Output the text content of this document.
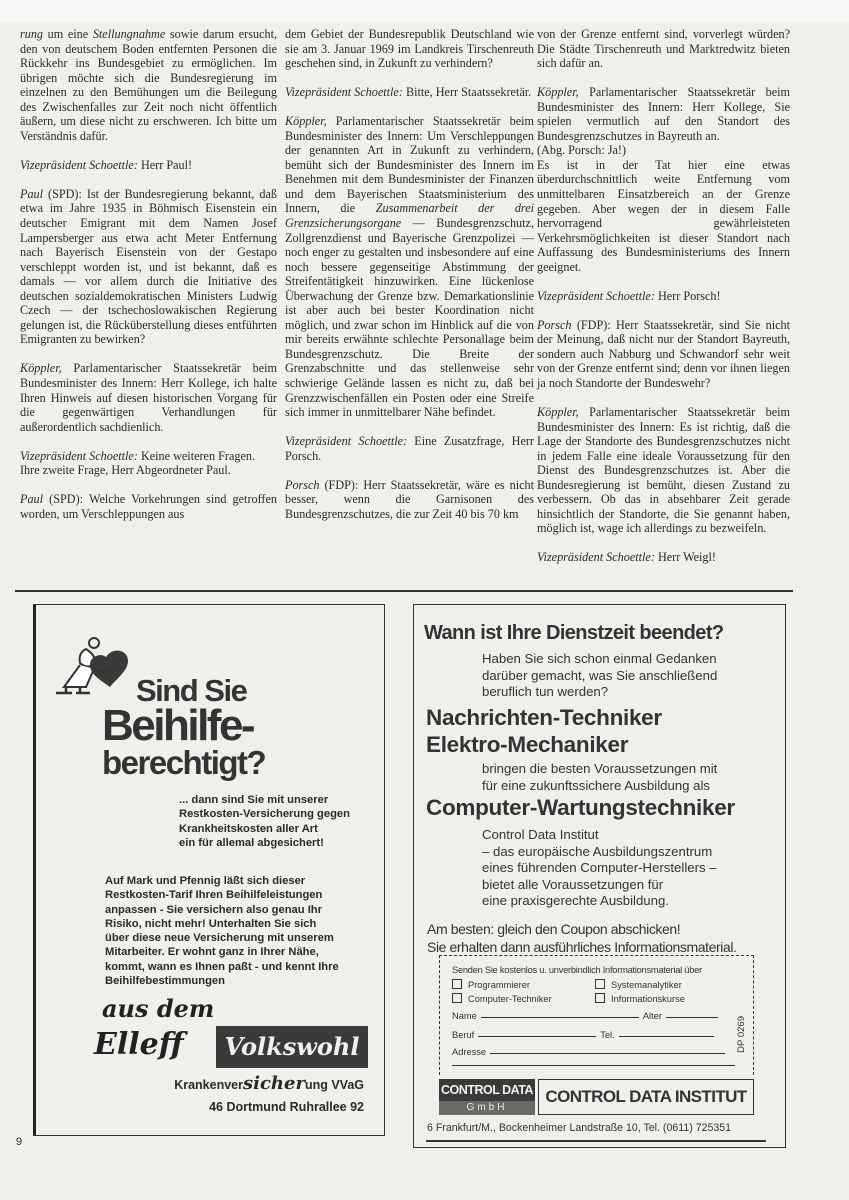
rung um eine Stellungnahme sowie darum ersucht, den von deutschem Boden entfernten Personen die Rückkehr ins Bundesgebiet zu ermöglichen. Im übrigen möchte sich die Bundesregierung im einzelnen zu den Bemühungen um die Beilegung des Zwischenfalles zur Zeit noch nicht öffentlich äußern, um diese nicht zu erschweren. Ich bitte um Verständnis dafür.

Vizepräsident Schoettle: Herr Paul!

Paul (SPD): Ist der Bundesregierung bekannt, daß etwa im Jahre 1935 in Böhmisch Eisenstein ein deutscher Emigrant mit dem Namen Josef Lampersberger aus etwa acht Meter Entfernung nach Bayerisch Eisenstein von der Gestapo verschleppt worden ist, und ist bekannt, daß es damals — vor allem durch die Initiative des deutschen sozialdemokratischen Ministers Ludwig Czech — der tschechoslowakischen Regierung gelungen ist, die Rücküberstellung dieses entführten Emigranten zu bewirken?

Köppler, Parlamentarischer Staatssekretär beim Bundesminister des Innern: Herr Kollege, ich halte Ihren Hinweis auf diesen historischen Vorgang für die gegenwärtigen Verhandlungen für außerordentlich sachdienlich.

Vizepräsident Schoettle: Keine weiteren Fragen.
Ihre zweite Frage, Herr Abgeordneter Paul.

Paul (SPD): Welche Vorkehrungen sind getroffen worden, um Verschleppungen aus

dem Gebiet der Bundesrepublik Deutschland wie sie am 3. Januar 1969 im Landkreis Tirschenreuth geschehen sind, in Zukunft zu verhindern?

Vizepräsident Schoettle: Bitte, Herr Staatssekretär.

Köppler, Parlamentarischer Staatssekretär beim Bundesminister des Innern: Um Verschleppungen der genannten Art in Zukunft zu verhindern, bemüht sich der Bundesminister des Innern im Benehmen mit dem Bundesminister der Finanzen und dem Bayerischen Staatsministerium des Innern, die Zusammenarbeit der drei Grenzsicherungsorgane — Bundesgrenzschutz, Zollgrenzdienst und Bayerische Grenzpolizei — noch enger zu gestalten und insbesondere auf eine noch bessere gegenseitige Abstimmung der Streifentätigkeit hinzuwirken. Eine lückenlose Überwachung der Grenze bzw. Demarkationslinie ist aber auch bei bester Koordination nicht möglich, und zwar schon im Hinblick auf die von mir bereits erwähnte schlechte Personallage beim Bundesgrenzschutz. Die Breite der Grenzabschnitte und das stellenweise sehr schwierige Gelände lassen es nicht zu, daß bei Grenzzwischenfällen ein Posten oder eine Streife sich immer in unmittelbarer Nähe befindet.

Vizepräsident Schoettle: Eine Zusatzfrage, Herr Porsch.

Porsch (FDP): Herr Staatssekretär, wäre es nicht besser, wenn die Garnisonen des Bundesgrenzschutzes, die zur Zeit 40 bis 70 km

von der Grenze entfernt sind, vorverlegt würden? Die Städte Tirschenreuth und Marktredwitz bieten sich dafür an.

Köppler, Parlamentarischer Staatssekretär beim Bundesminister des Innern: Herr Kollege, Sie spielen vermutlich auf den Standort des Bundesgrenzschutzes in Bayreuth an.
(Abg. Porsch: Ja!)
Es ist in der Tat hier eine etwas überdurchschnittlich weite Entfernung vom unmittelbaren Einsatzbereich an der Grenze gegeben. Aber wegen der in diesem Falle hervorragend gewährleisteten Verkehrsmöglichkeiten ist dieser Standort nach Auffassung des Bundesministeriums des Innern geeignet.

Vizepräsident Schoettle: Herr Porsch!

Porsch (FDP): Herr Staatssekretär, sind Sie nicht der Meinung, daß nicht nur der Standort Bayreuth, sondern auch Nabburg und Schwandorf sehr weit von der Grenze entfernt sind; denn vor ihnen liegen ja noch Standorte der Bundeswehr?

Köppler, Parlamentarischer Staatssekretär beim Bundesminister des Innern: Es ist richtig, daß die Lage der Standorte des Bundesgrenzschutzes nicht in jedem Falle eine ideale Voraussetzung für den Dienst des Bundesgrenzschutzes ist. Aber die Bundesregierung ist bemüht, diesen Zustand zu verbessern. Ob das in absehbarer Zeit gerade hinsichtlich der Standorte, die Sie genannt haben, möglich ist, wage ich allerdings zu bezweifeln.

Vizepräsident Schoettle: Herr Weigl!

Sind Sie
Beihilfe-
berechtigt?
... dann sind Sie mit unserer
Restkosten-Versicherung gegen
Krankheitskosten aller Art
ein für allemal abgesichert!
Auf Mark und Pfennig läßt sich dieser
Restkosten-Tarif Ihren Beihilfeleistungen
anpassen - Sie versichern also genau Ihr
Risiko, nicht mehr! Unterhalten Sie sich
über diese neue Versicherung mit unserem
Mitarbeiter. Er wohnt ganz in Ihrer Nähe,
kommt, wann es Ihnen paßt - und kennt Ihre
Beihilfebestimmungen
aus dem
Elleff	Volkswohl
Krankenversicherung VVaG
46 Dortmund Ruhrallee 92
Wann ist Ihre Dienstzeit beendet?
Haben Sie sich schon einmal Gedanken
darüber gemacht, was Sie anschließend
beruflich tun werden?
Nachrichten-Techniker
Elektro-Mechaniker
bringen die besten Voraussetzungen mit
für eine zukunftssichere Ausbildung als
Computer-Wartungstechniker
Control Data Institut
– das europäische Ausbildungszentrum
eines führenden Computer-Herstellers –
bietet alle Voraussetzungen für
eine praxisgerechte Ausbildung.
Am besten: gleich den Coupon abschicken!
Sie erhalten dann ausführliches Informationsmaterial.
Senden Sie kostenlos u. unverbindlich Informationsmaterial über
Programmierer	Systemanalytiker
Computer-Techniker	Informationskurse
Name	Alter
Beruf	Tel.
Adresse	DP 0269
CONTROL DATA
GmbH
CONTROL DATA INSTITUT
6 Frankfurt/M., Bockenheimer Landstraße 10, Tel. (0611) 725351
9
